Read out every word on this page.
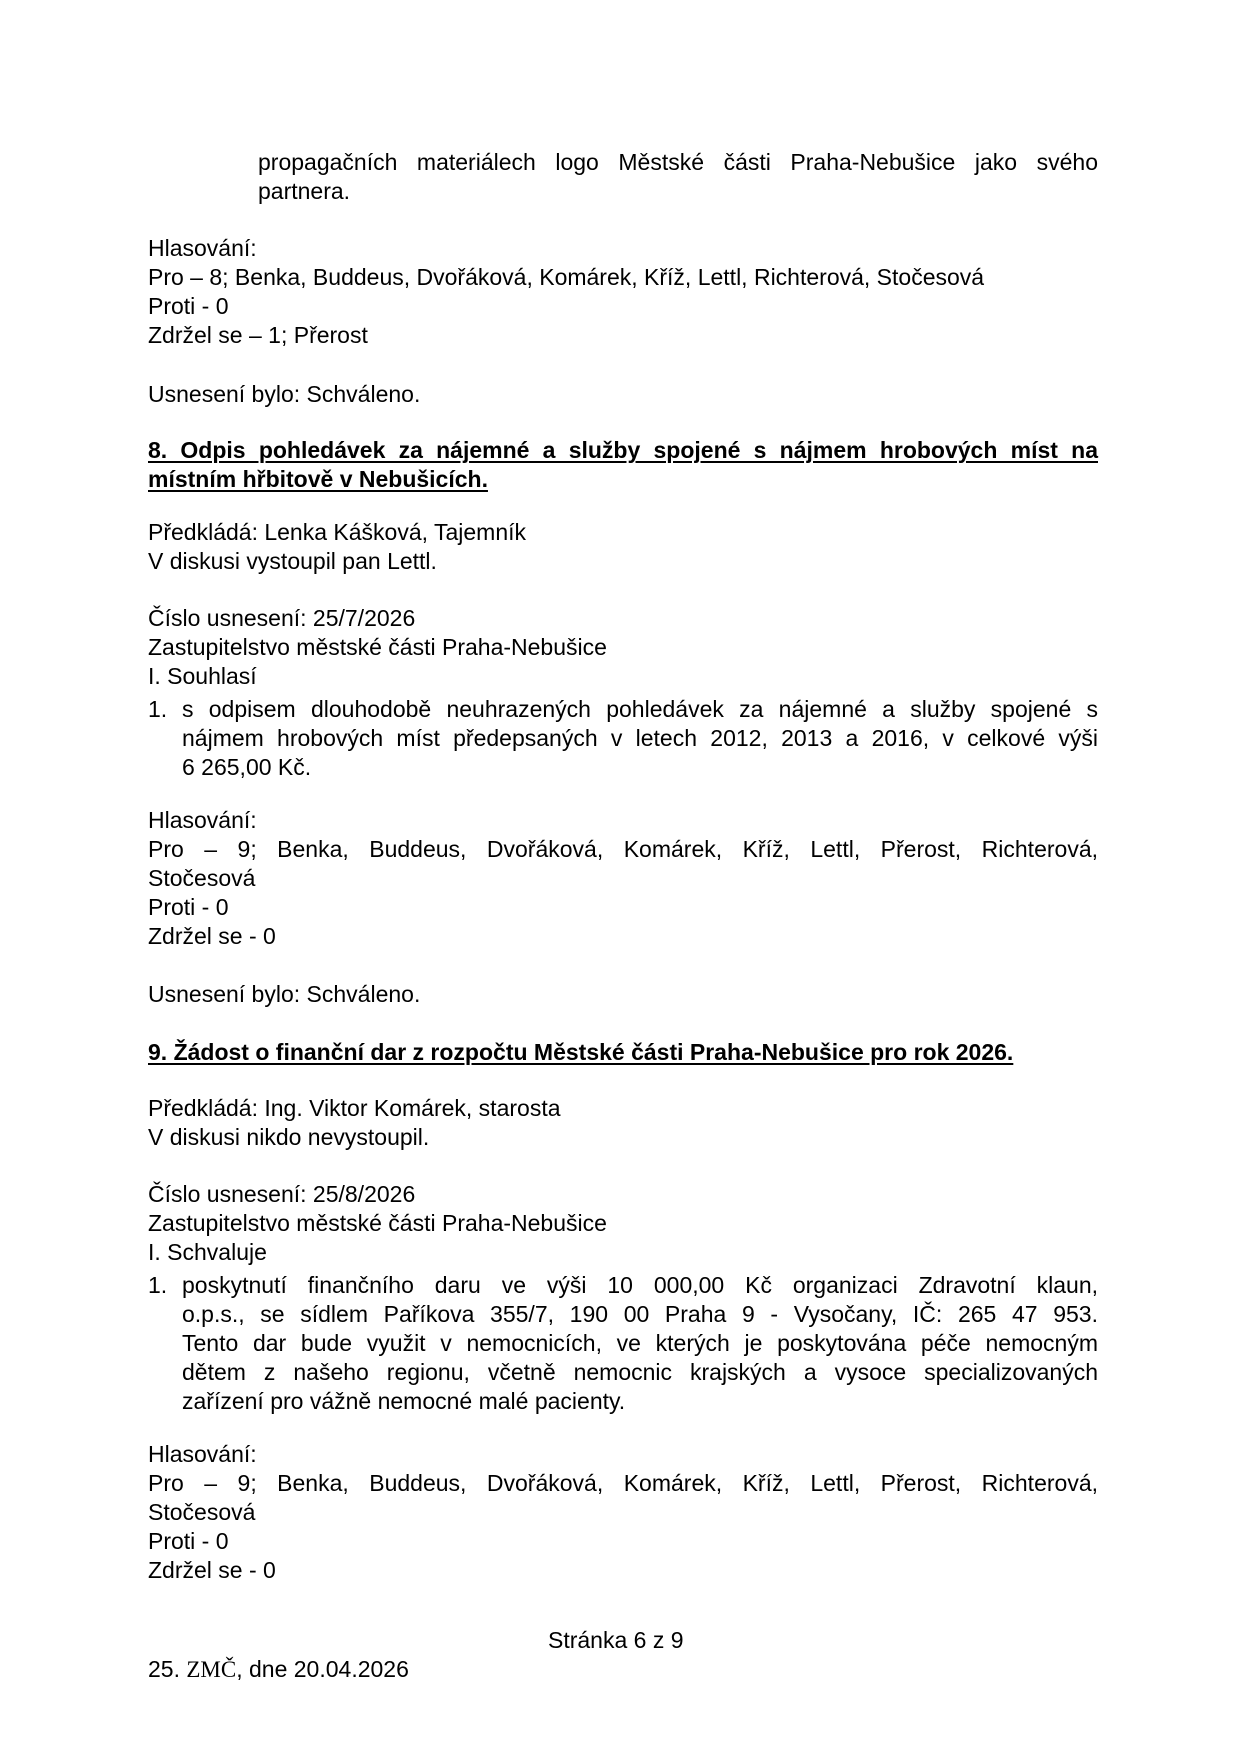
propagačních materiálech logo Městské části Praha-Nebušice jako svého
partnera.
Hlasování:
Pro – 8; Benka, Buddeus, Dvořáková, Komárek, Kříž, Lettl, Richterová, Stočesová
Proti - 0
Zdržel se – 1; Přerost
Usnesení bylo: Schváleno.
8. Odpis pohledávek za nájemné a služby spojené s nájmem hrobových míst na
místním hřbitově v Nebušicích.
Předkládá: Lenka Kášková, Tajemník
V diskusi vystoupil pan Lettl.
Číslo usnesení: 25/7/2026
Zastupitelstvo městské části Praha-Nebušice
I. Souhlasí
1. s odpisem dlouhodobě neuhrazených pohledávek za nájemné a služby spojené s
nájmem hrobových míst předepsaných v letech 2012, 2013 a 2016, v celkové výši
6 265,00 Kč.
Hlasování:
Pro – 9; Benka, Buddeus, Dvořáková, Komárek, Kříž, Lettl, Přerost, Richterová,
Stočesová
Proti - 0
Zdržel se - 0
Usnesení bylo: Schváleno.
9. Žádost o finanční dar z rozpočtu Městské části Praha-Nebušice pro rok 2026.
Předkládá: Ing. Viktor Komárek, starosta
V diskusi nikdo nevystoupil.
Číslo usnesení: 25/8/2026
Zastupitelstvo městské části Praha-Nebušice
I. Schvaluje
1. poskytnutí finančního daru ve výši 10 000,00 Kč organizaci Zdravotní klaun,
o.p.s., se sídlem Paříkova 355/7, 190 00 Praha 9 - Vysočany, IČ: 265 47 953.
Tento dar bude využit v nemocnicích, ve kterých je poskytována péče nemocným
dětem z našeho regionu, včetně nemocnic krajských a vysoce specializovaných
zařízení pro vážně nemocné malé pacienty.
Hlasování:
Pro – 9; Benka, Buddeus, Dvořáková, Komárek, Kříž, Lettl, Přerost, Richterová,
Stočesová
Proti - 0
Zdržel se - 0
Stránka 6 z 9
25. ZMČ, dne 20.04.2026
